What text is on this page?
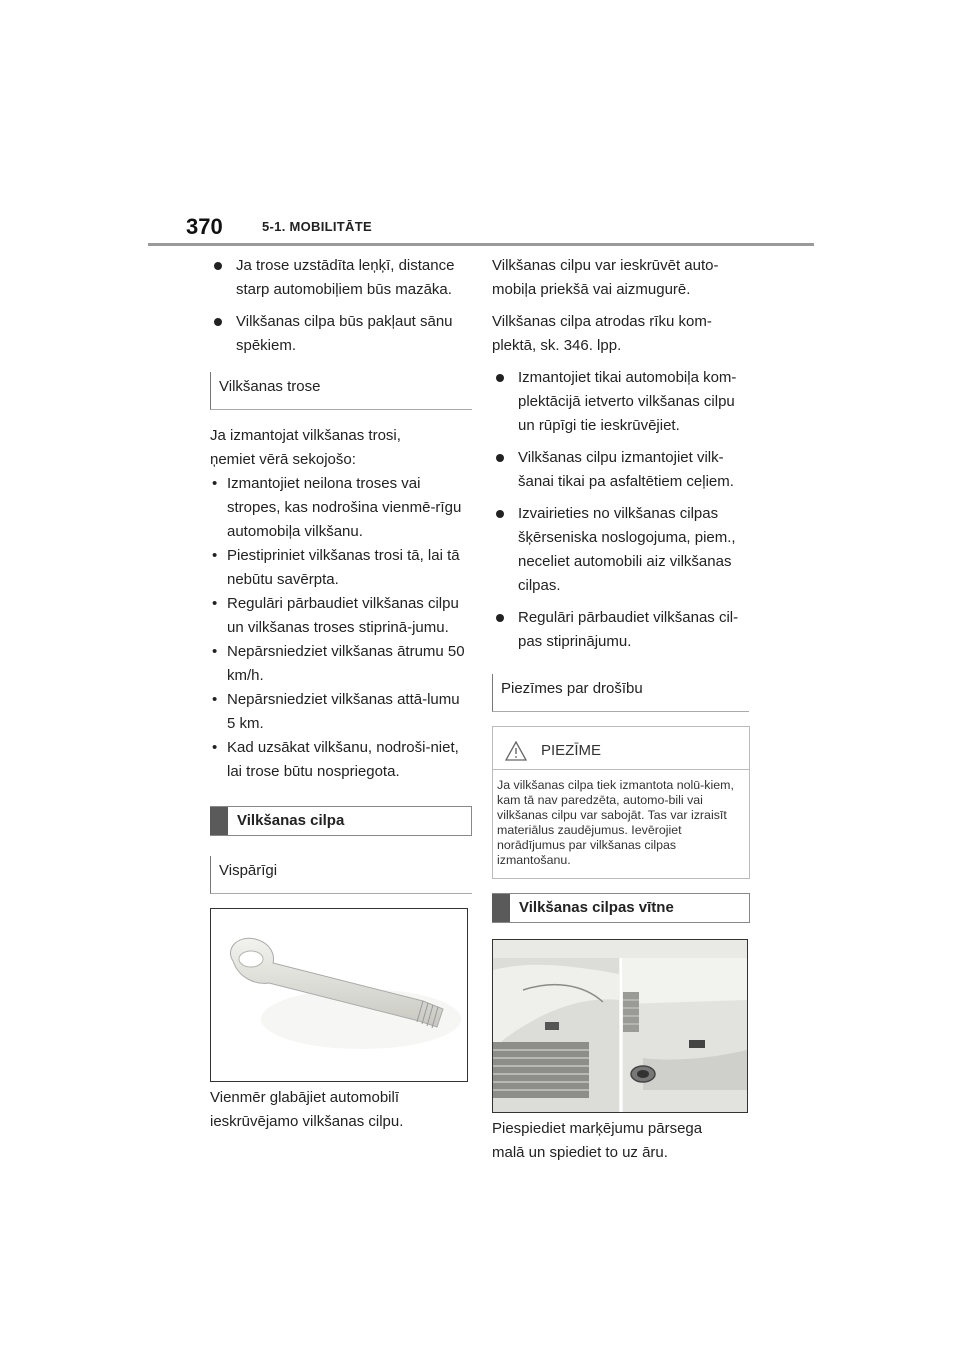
370	5-1. MOBILITĀTE
Ja trose uzstādīta leņķī, distance starp automobiļiem būs mazāka.
Vilkšanas cilpa būs pakļaut sānu spēkiem.
Vilkšanas trose

Ja izmantojat vilkšanas trosi,
ņemiet vērā sekojošo:

• Izmantojiet neilona troses vai stropes, kas nodrošina vienmē-rīgu automobiļa vilkšanu.
• Piestipriniet vilkšanas trosi tā, lai tā nebūtu savērpta.
• Regulāri pārbaudiet vilkšanas cilpu un vilkšanas troses stiprinā-jumu.
• Nepārsniedziet vilkšanas ātrumu 50 km/h.
• Nepārsniedziet vilkšanas attā-lumu 5 km.
• Kad uzsākat vilkšanu, nodroši-niet, lai trose būtu nospriegota.
Vilkšanas cilpa
Vispārīgi

Vienmēr glabājiet automobilī
ieskrūvējamo vilkšanas cilpu.

Vilkšanas cilpu var ieskrūvēt auto-
mobiļa priekšā vai aizmugurē.

Vilkšanas cilpa atrodas rīku kom-
plektā, sk. 346. lpp.

Izmantojiet tikai automobiļa kom-plektācijā ietverto vilkšanas cilpu un rūpīgi tie ieskrūvējiet.
Vilkšanas cilpu izmantojiet vilk-šanai tikai pa asfaltētiem ceļiem.
Izvairieties no vilkšanas cilpas šķērseniska noslogojuma, piem., neceliet automobili aiz vilkšanas cilpas.
Regulāri pārbaudiet vilkšanas cil-pas stiprinājumu.
Piezīmes par drošību
PIEZĪME
Ja vilkšanas cilpa tiek izmantota nolū-kiem, kam tā nav paredzēta, automo-bili vai vilkšanas cilpu var sabojāt. Tas var izraisīt materiālus zaudējumus. Ievērojiet norādījumus par vilkšanas cilpas izmantošanu.
Vilkšanas cilpas vītne

Piespiediet marķējumu pārsega
malā un spiediet to uz āru.
